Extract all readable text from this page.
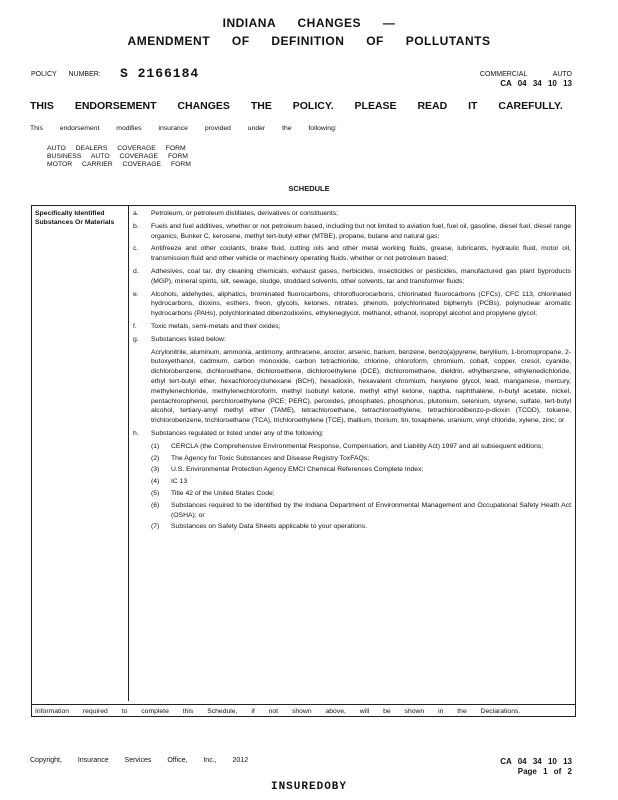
INDIANA CHANGES —
AMENDMENT OF DEFINITION OF POLLUTANTS
POLICY NUMBER: S 2166184	COMMERCIAL AUTO
CA 04 34 10 13
THIS ENDORSEMENT CHANGES THE POLICY. PLEASE READ IT CAREFULLY.
This endorsement modifies insurance provided under the following:
AUTO DEALERS COVERAGE FORM
BUSINESS AUTO COVERAGE FORM
MOTOR CARRIER COVERAGE FORM
SCHEDULE
Specifically Identified Substances Or Materials
a. Petroleum, or petroleum distillates, derivatives or constituents;
b. Fuels and fuel additives, whether or not petroleum based, including but not limited to aviation fuel, fuel oil, gasoline, diesel fuel, diesel range organics, Bunker C, kerosene, methyl tert-butyl ether (MTBE), propane, butane and natural gas;
c. Antifreeze and other coolants, brake fluid, cutting oils and other metal working fluids, grease, lubricants, hydraulic fluid, motor oil, transmission fluid and other vehicle or machinery operating fluids, whether or not petroleum based;
d. Adhesives, coal tar, dry cleaning chemicals, exhaust gases, herbicides, insecticides or pesticides, manufactured gas plant byproducts (MGP), mineral spirits, silt, sewage, sludge, stoddard solvents, other solvents, tar and transformer fluids;
e. Alcohols, aldehydes, aliphatics, brominated fluorocarbons, chlorofluorocarbons, chlorinated fluorocarbons (CFCs), CFC 113, chlorinated hydrocarbons, dioxins, esthers, freon, glycols, ketones, nitrates, phenols, polychlorinated biphenyls (PCBs), polynuclear aromatic hydrocarbons (PAHs), polychlorinated dibenzodioxins, ethyleneglycol, methanol, ethanol, isopropyl alcohol and propylene glycol;
f. Toxic metals, semi-metals and their oxides;
g. Substances listed below:
Acrylonitrile, aluminum, ammonia, antimony, anthracene, aroclor, arsenic, barium, benzene, benzo(a)pyrene, beryllium, 1-bromopropane, 2-butoxyethanol, cadmium, carbon monoxide, carbon tetrachloride, chlorine, chloroform, chromium, cobalt, copper, cresol, cyanide, dichlorobenzene, dichloroethane, dichloroethene, dichloroethylene (DCE), dichloromethane, dieldrin, ethylbenzene, ethylenedichloride, ethyl tert-butyl ether, hexachlorocyclohexane (BCH), hexadioxin, hexavalent chromium, hexylene glycol, lead, manganese, mercury, methylenechloride, methylenechloroform, methyl isobutyl ketone, methyl ethyl ketone, naptha, naphthalene, n-butyl acetate, nickel, pentachlorophenol, perchloroethylene (PCE; PERC), peroxides, phosphates, phosphorus, plutonium, selenium, styrene, sulfate, tert-butyl alcohol, tertiary-amyl methyl ether (TAME), tetrachloroethane, tetrachloroethylene, tetrachlorodibenzo-p-dioxin (TCDD), toluene, trichlorobenzene, trichloroethane (TCA), trichloroethylene (TCE), thallium, thorium, tin, toxaphene, uranium, vinyl chloride, xylene, zinc; or
h. Substances regulated or listed under any of the following:
(1) CERCLA (the Comprehensive Environmental Response, Compensation, and Liability Act) 1997 and all subsequent editions;
(2) The Agency for Toxic Substances and Disease Registry ToxFAQs;
(3) U.S. Environmental Protection Agency EMCI Chemical References Complete Index;
(4) IC 13
(5) Title 42 of the United States Code;
(6) Substances required to be identified by the Indiana Department of Environmental Management and Occupational Safety Heath Act (OSHA); or
(7) Substances on Safety Data Sheets applicable to your operations.
Information required to complete this Schedule, if not shown above, will be shown in the Declarations.
Copyright, Insurance Services Office, Inc., 2012	CA 04 34 10 13
Page 1 of 2
INSUREDOBY
